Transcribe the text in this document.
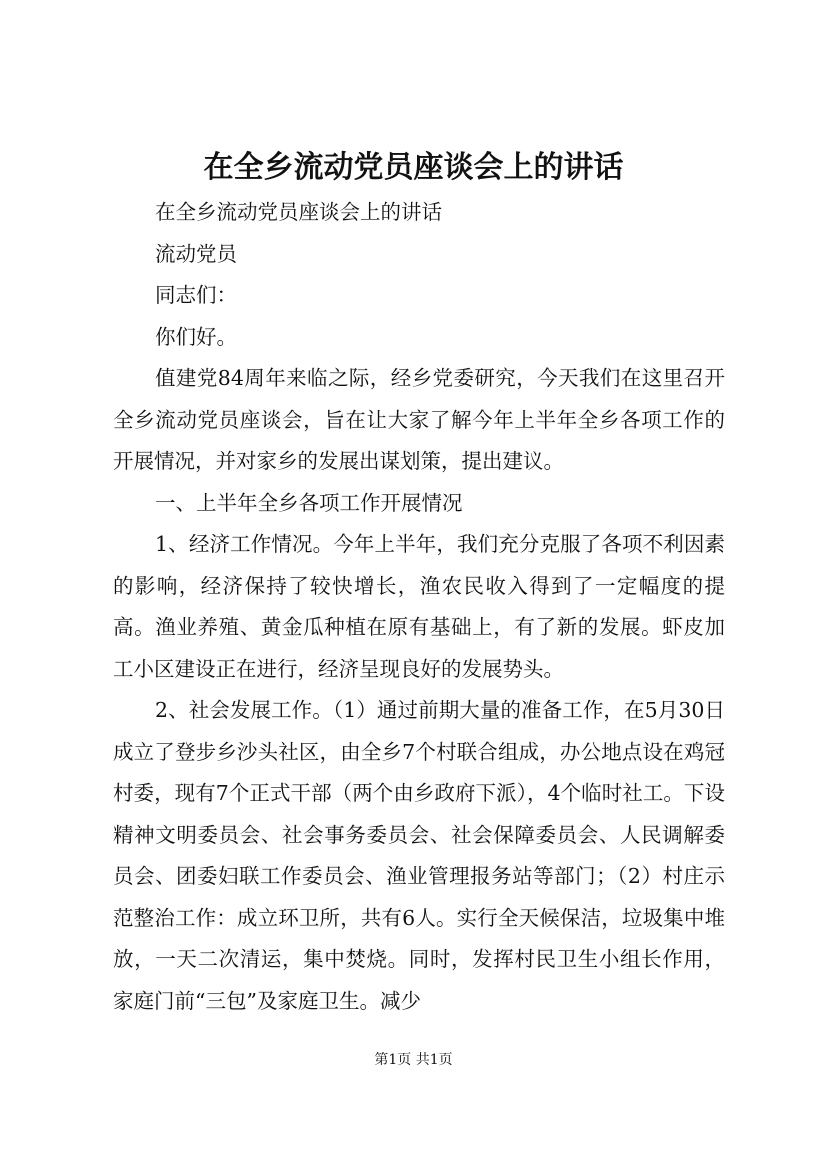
在全乡流动党员座谈会上的讲话

在全乡流动党员座谈会上的讲话

流动党员

同志们：

你们好。

值建党84周年来临之际，经乡党委研究，今天我们在这里召开全乡流动党员座谈会，旨在让大家了解今年上半年全乡各项工作的开展情况，并对家乡的发展出谋划策，提出建议。

一、上半年全乡各项工作开展情况

1、经济工作情况。今年上半年，我们充分克服了各项不利因素的影响，经济保持了较快增长，渔农民收入得到了一定幅度的提高。渔业养殖、黄金瓜种植在原有基础上，有了新的发展。虾皮加工小区建设正在进行，经济呈现良好的发展势头。

2、社会发展工作。（1）通过前期大量的准备工作，在5月30日成立了登步乡沙头社区，由全乡7个村联合组成，办公地点设在鸡冠村委，现有7个正式干部（两个由乡政府下派），4个临时社工。下设精神文明委员会、社会事务委员会、社会保障委员会、人民调解委员会、团委妇联工作委员会、渔业管理报务站等部门；（2）村庄示范整治工作：成立环卫所，共有6人。实行全天候保洁，垃圾集中堆放，一天二次清运，集中焚烧。同时，发挥村民卫生小组长作用，家庭门前“三包”及家庭卫生。减少

第1页 共1页
